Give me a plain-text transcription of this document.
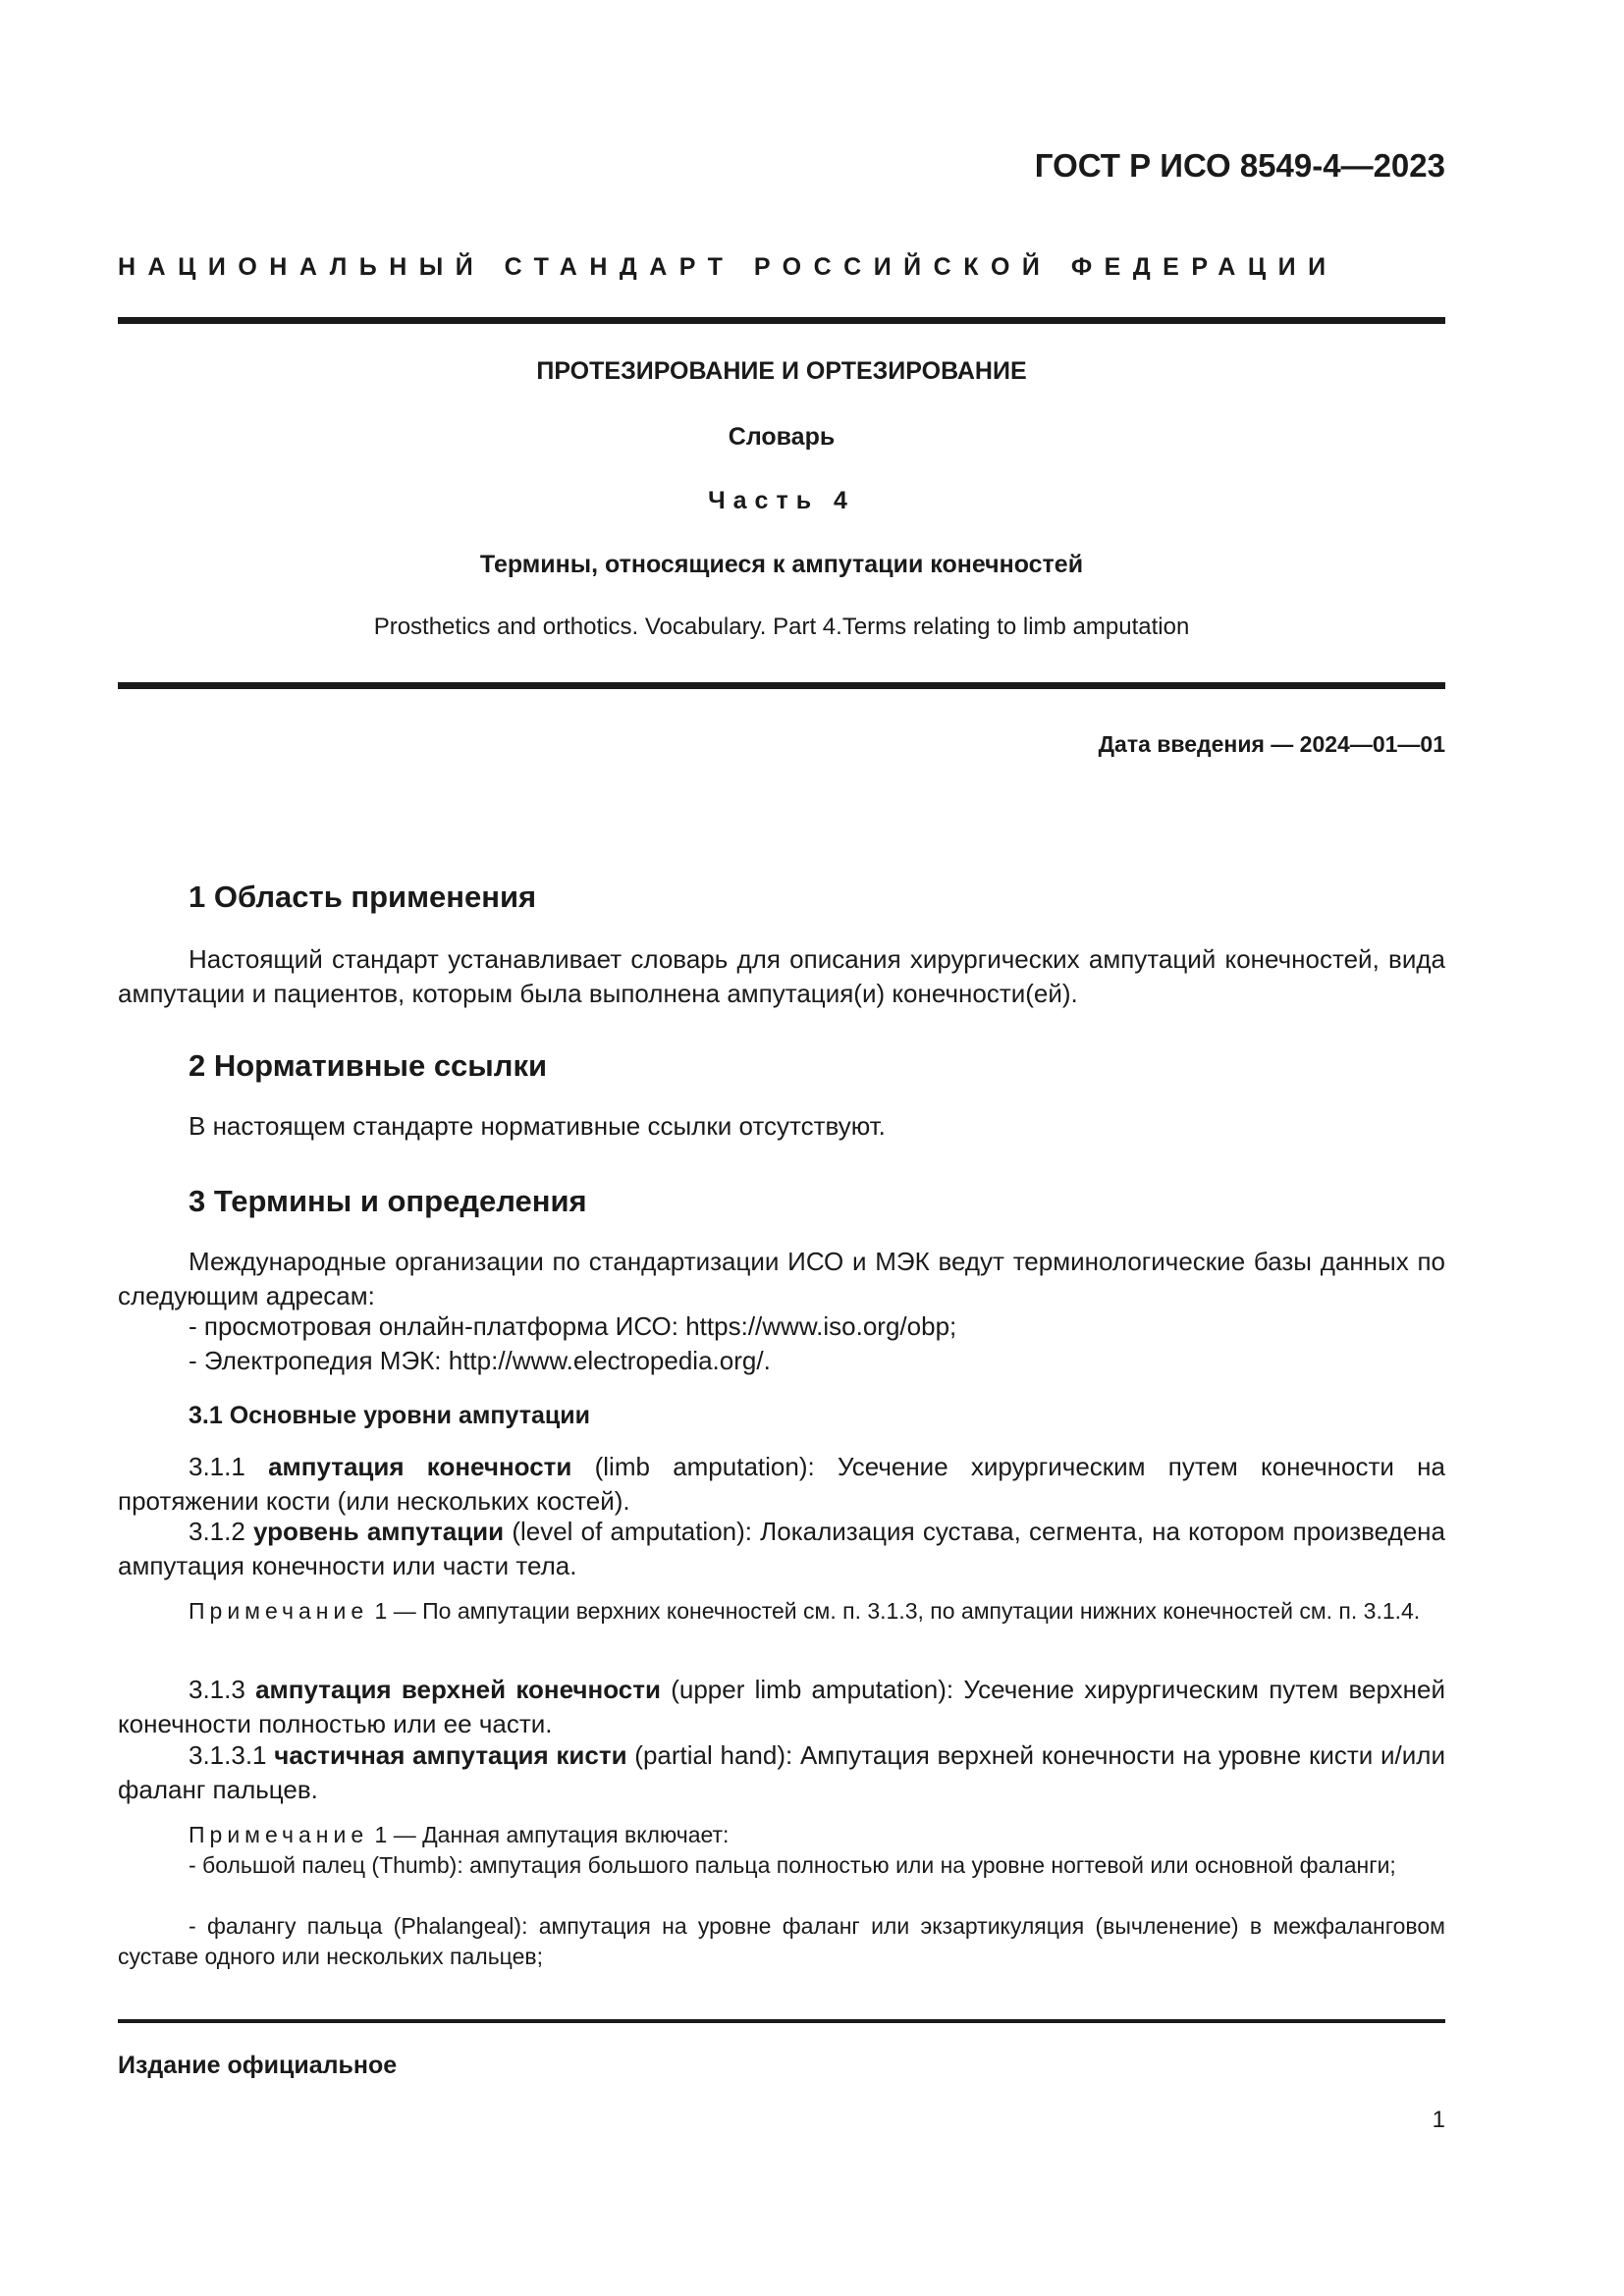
ГОСТ Р ИСО 8549-4—2023
НАЦИОНАЛЬНЫЙ СТАНДАРТ РОССИЙСКОЙ ФЕДЕРАЦИИ
ПРОТЕЗИРОВАНИЕ И ОРТЕЗИРОВАНИЕ
Словарь
Часть 4
Термины, относящиеся к ампутации конечностей
Prosthetics and orthotics. Vocabulary. Part 4.Terms relating to limb amputation
Дата введения — 2024—01—01
1 Область применения
Настоящий стандарт устанавливает словарь для описания хирургических ампутаций конечностей, вида ампутации и пациентов, которым была выполнена ампутация(и) конечности(ей).
2 Нормативные ссылки
В настоящем стандарте нормативные ссылки отсутствуют.
3 Термины и определения
Международные организации по стандартизации ИСО и МЭК ведут терминологические базы данных по следующим адресам:
- просмотровая онлайн-платформа ИСО: https://www.iso.org/obp;
- Электропедия МЭК: http://www.electropedia.org/.
3.1 Основные уровни ампутации
3.1.1 ампутация конечности (limb amputation): Усечение хирургическим путем конечности на протяжении кости (или нескольких костей).
3.1.2 уровень ампутации (level of amputation): Локализация сустава, сегмента, на котором произведена ампутация конечности или части тела.
Примечание 1 — По ампутации верхних конечностей см. п. 3.1.3, по ампутации нижних конечностей см. п. 3.1.4.
3.1.3 ампутация верхней конечности (upper limb amputation): Усечение хирургическим путем верхней конечности полностью или ее части.
3.1.3.1 частичная ампутация кисти (partial hand): Ампутация верхней конечности на уровне кисти и/или фаланг пальцев.
Примечание 1 — Данная ампутация включает:
- большой палец (Thumb): ампутация большого пальца полностью или на уровне ногтевой или основной фаланги;
- фалангу пальца (Phalangeal): ампутация на уровне фаланг или экзартикуляция (вычленение) в межфаланговом суставе одного или нескольких пальцев;
Издание официальное
1
